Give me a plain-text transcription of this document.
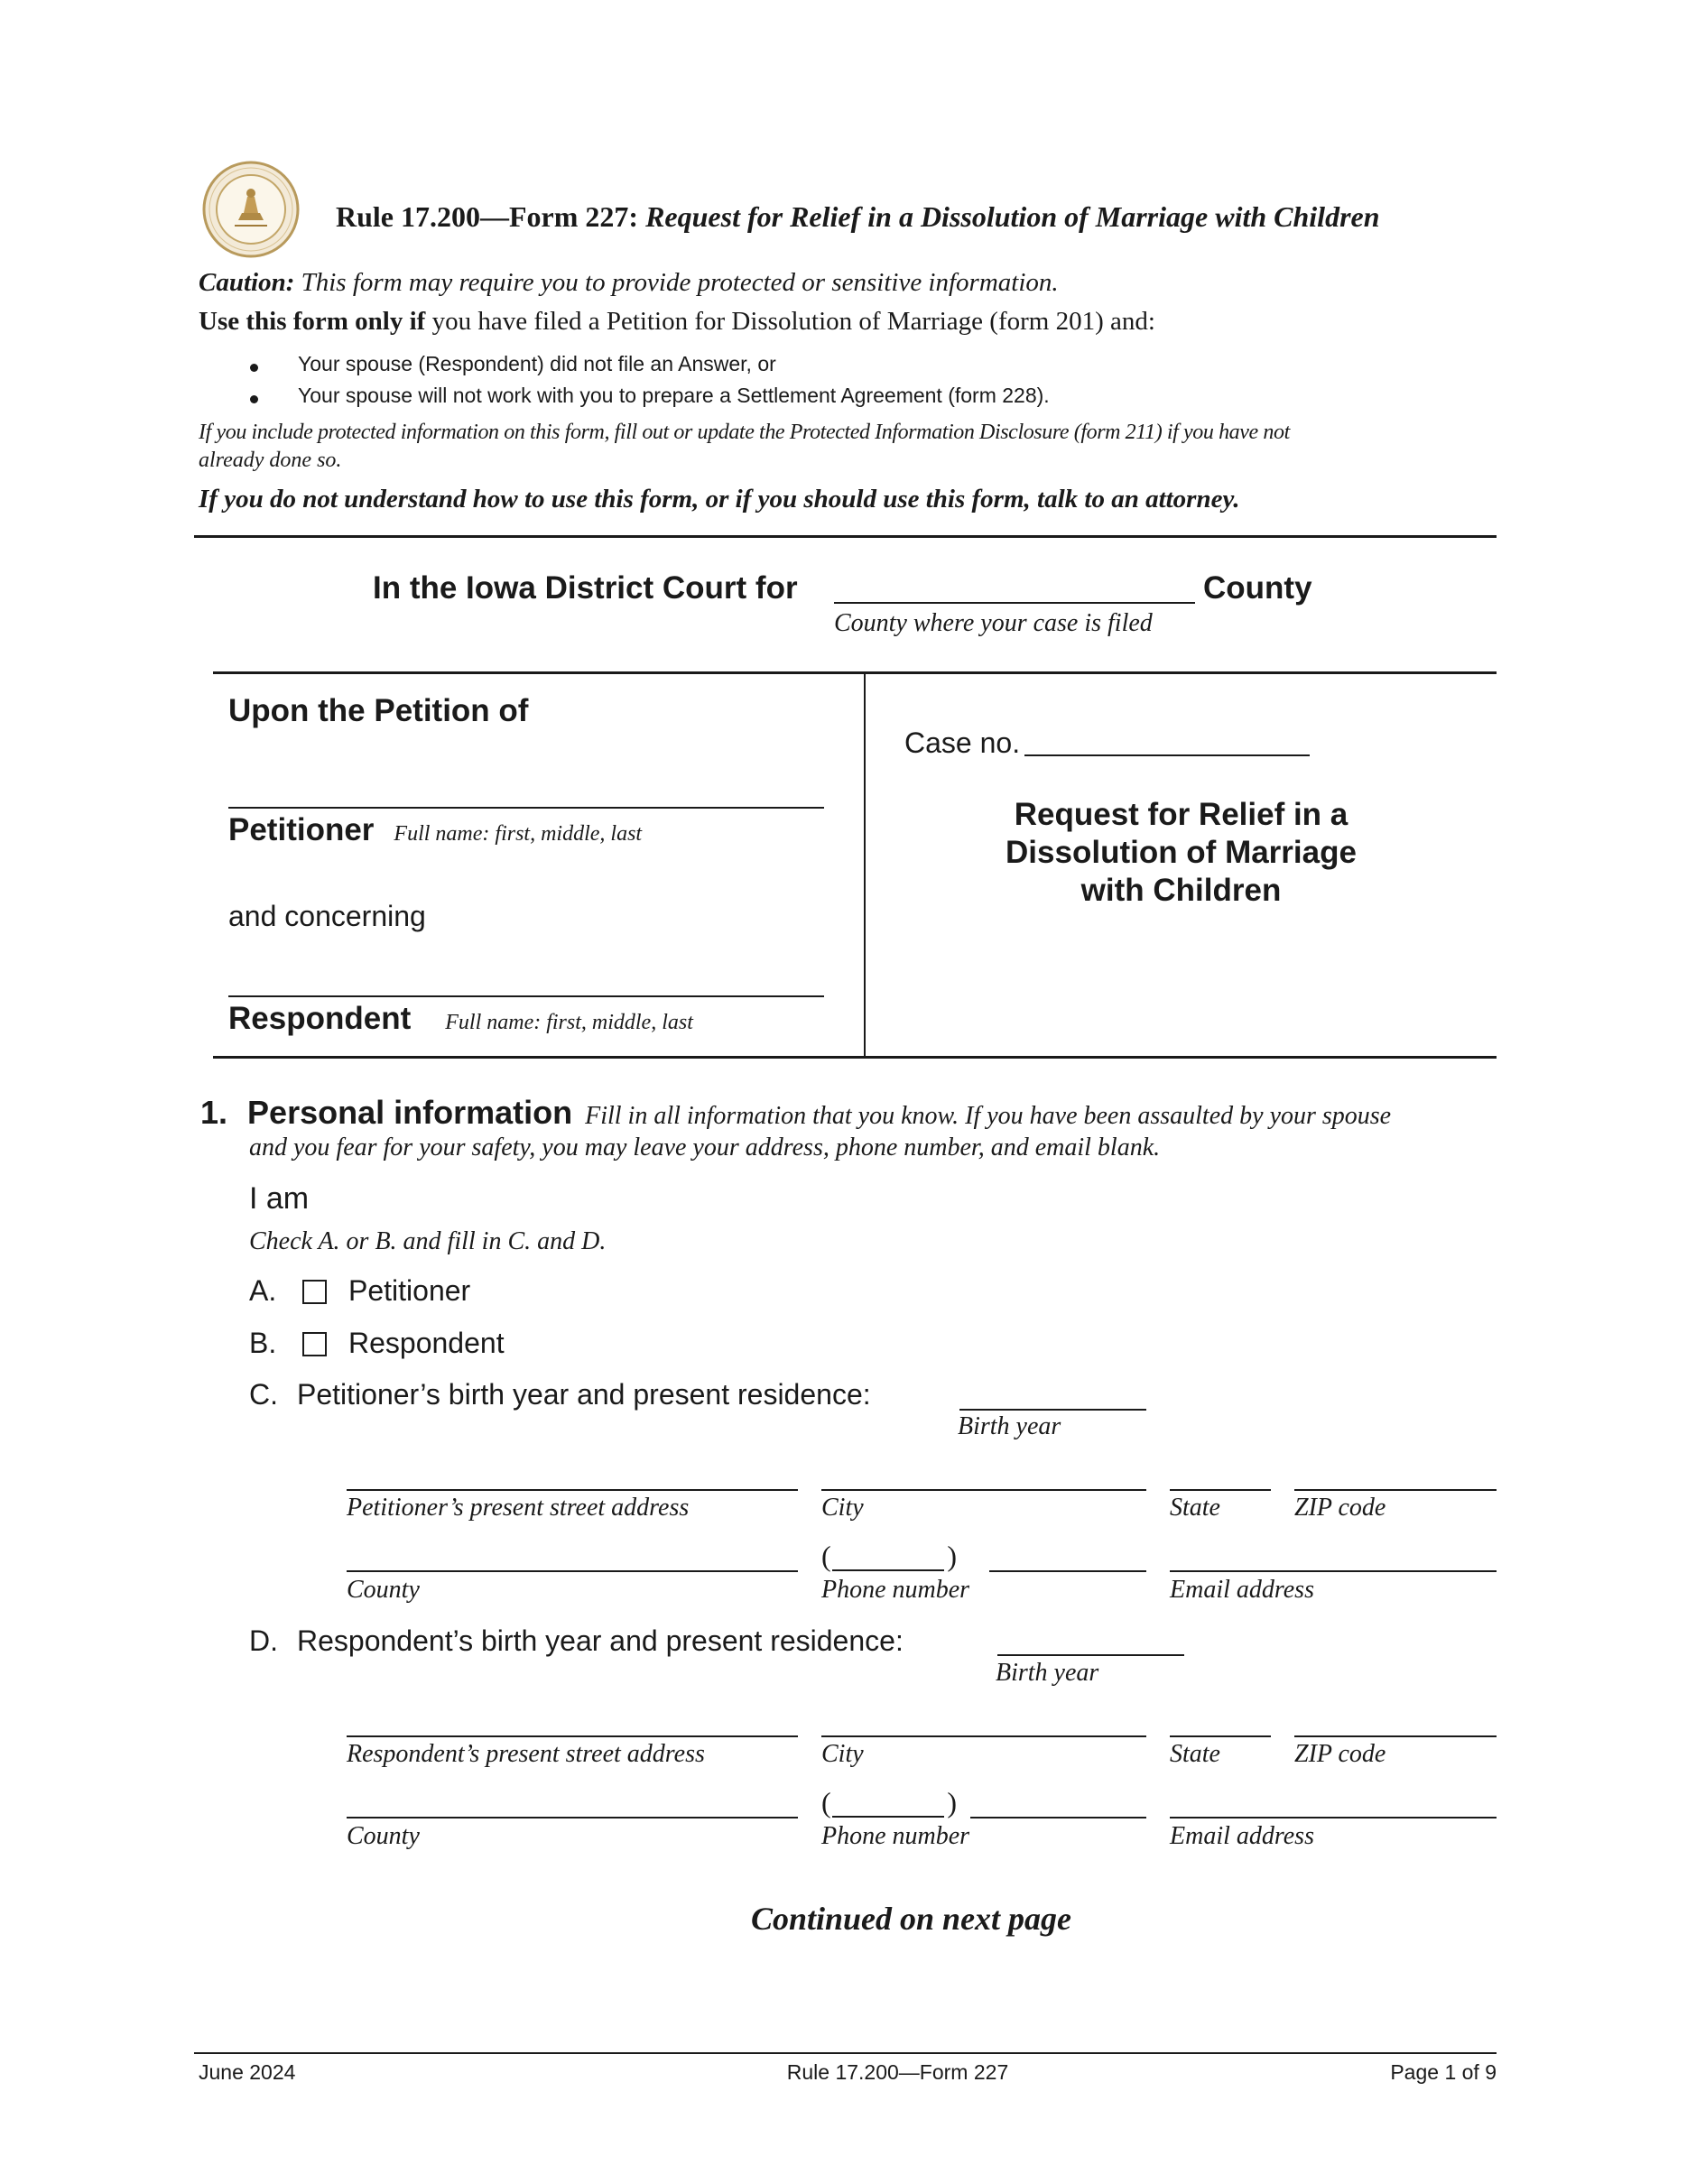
Rule 17.200—Form 227: Request for Relief in a Dissolution of Marriage with Children
Caution: This form may require you to provide protected or sensitive information.
Use this form only if you have filed a Petition for Dissolution of Marriage (form 201) and:
Your spouse (Respondent) did not file an Answer, or
Your spouse will not work with you to prepare a Settlement Agreement (form 228).
If you include protected information on this form, fill out or update the Protected Information Disclosure (form 211) if you have not
already done so.
If you do not understand how to use this form, or if you should use this form, talk to an attorney.
In the Iowa District Court for	County
County where your case is filed
Upon the Petition of
Petitioner Full name: first, middle, last
and concerning
Respondent Full name: first, middle, last
Case no.
Request for Relief in a
Dissolution of Marriage
with Children
1. Personal information Fill in all information that you know. If you have been assaulted by your spouse
and you fear for your safety, you may leave your address, phone number, and email blank.
I am
Check A. or B. and fill in C. and D.
A. Petitioner
B. Respondent
C. Petitioner’s birth year and present residence:
Birth year
Petitioner’s present street address	City	State	ZIP code
(	)
County	Phone number	Email address
D. Respondent’s birth year and present residence:
Birth year
Respondent’s present street address	City	State	ZIP code
(	)
County	Phone number	Email address
Continued on next page
June 2024	Rule 17.200—Form 227	Page 1 of 9
